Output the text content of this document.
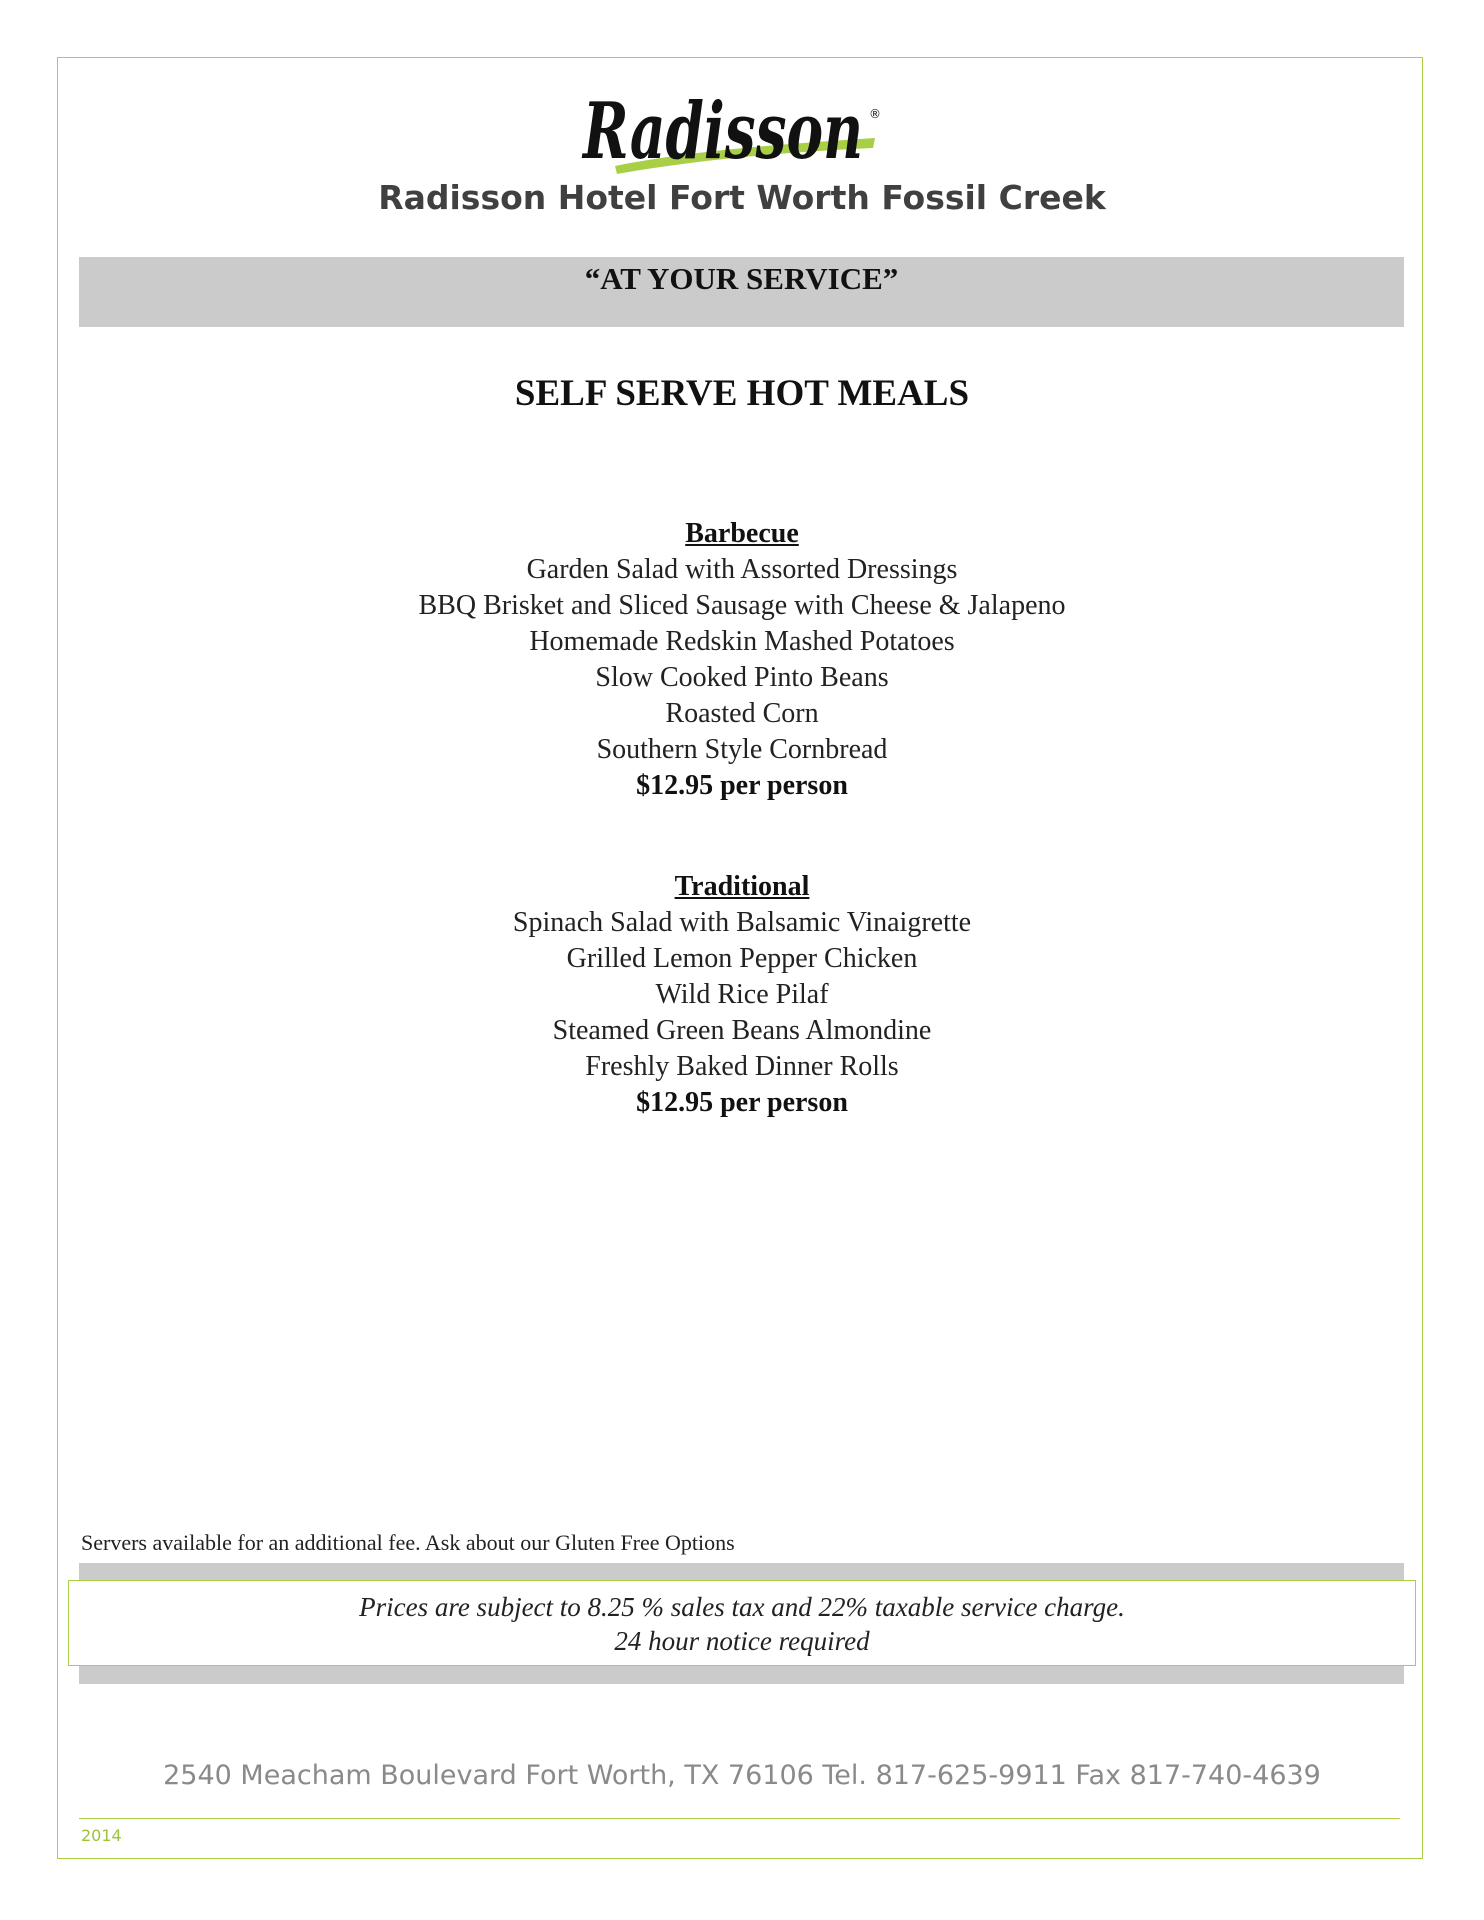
Radisson ®
Radisson Hotel Fort Worth Fossil Creek
“AT YOUR SERVICE”
SELF SERVE HOT MEALS
Barbecue
Garden Salad with Assorted Dressings
BBQ Brisket and Sliced Sausage with Cheese & Jalapeno
Homemade Redskin Mashed Potatoes
Slow Cooked Pinto Beans
Roasted Corn
Southern Style Cornbread
$12.95 per person
Traditional
Spinach Salad with Balsamic Vinaigrette
Grilled Lemon Pepper Chicken
Wild Rice Pilaf
Steamed Green Beans Almondine
Freshly Baked Dinner Rolls
$12.95 per person
Servers available for an additional fee. Ask about our Gluten Free Options
Prices are subject to 8.25 % sales tax and 22% taxable service charge.
24 hour notice required
2540 Meacham Boulevard Fort Worth, TX 76106 Tel. 817-625-9911 Fax 817-740-4639
2014
